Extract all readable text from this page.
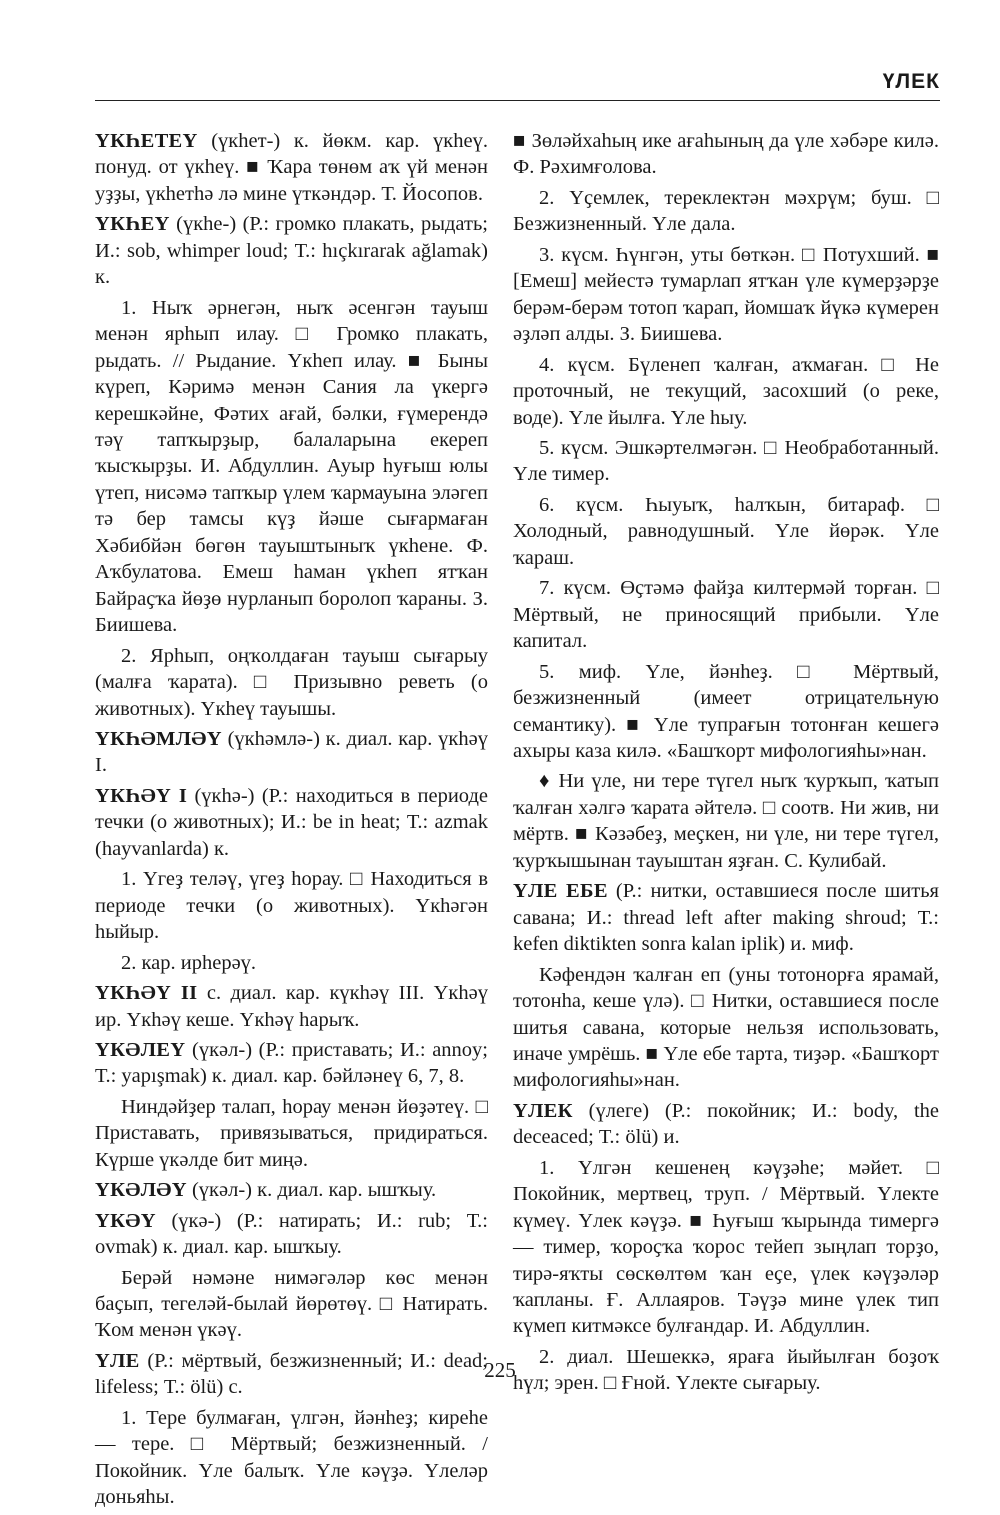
ҮЛЕК

ҮКҺЕТЕҮ (үкһет-) к. йөкм. кар. үкһеү. понуд. от үкһеү. ■ Ҡара төнөм аҡ үй менән уҙҙы, үкһетһә лә мине үткәндәр. Т. Йосопов.

ҮКҺЕҮ (үкһе-) (Р.: громко плакать, рыдать; И.: sob, whimper loud; Т.: hıçkırarak ağlamak) к.

1. Ныҡ әрнегән, ныҡ әсенгән тауыш менән ярһып илау. □ Громко плакать, рыдать. // Рыдание. Үкһеп илау. ■ Быны күреп, Кәримә менән Сания ла үкергә керешкәйне, Фәтих ағай, бәлки, ғүмерендә тәү тапҡырҙыр, балаларына екереп ҡысҡырҙы. И. Абдуллин. Ауыр һуғыш юлы үтеп, нисәмә тапҡыр үлем ҡармауына эләгеп тә бер тамсы күҙ йәше сығармаған Хәбибйән бөгөн тауыштыныҡ үкһене. Ф. Аҡбулатова. Емеш һаман үкһеп ятҡан Байраҫҡа йөҙө нурланып боролоп ҡараны. З. Биишева.

2. Ярһып, оңҡолдаған тауыш сығарыу (малға ҡарата). □ Призывно реветь (о животных). Үкһеү тауышы.

ҮКҺӘМЛӘҮ (үкһәмлә-) к. диал. кар. үкһәү I.

ҮКҺӘҮ I (үкһә-) (Р.: находиться в периоде течки (о животных); И.: be in heat; Т.: azmak (hayvanlarda) к.

1. Үгеҙ теләү, үгеҙ һорау. □ Находиться в периоде течки (о животных). Үкһәгән һыйыр.

2. кар. ирһерәү.

ҮКҺӘҮ II с. диал. кар. күкһәү III. Үкһәү ир. Үкһәү кеше. Үкһәү һарыҡ.

ҮКӘЛЕҮ (үкәл-) (Р.: приставать; И.: annoy; Т.: yapışmak) к. диал. кар. бәйләнеү 6, 7, 8.

Ниндәйҙер талап, һорау менән йөҙәтеү. □ Приставать, привязываться, придираться. Күрше үкәлде бит миңә.

ҮКӘЛӘҮ (үкәл-) к. диал. кар. ышҡыу.

ҮКӘҮ (үкә-) (Р.: натирать; И.: rub; Т.: ovmak) к. диал. кар. ышҡыу.

Берәй нәмәне нимәгәләр көс менән баҫып, тегеләй-былай йөрөтөү. □ Натирать. Ҡом менән үкәү.

ҮЛЕ (Р.: мёртвый, безжизненный; И.: dead; lifeless; Т.: ölü) с.

1. Тере булмаған, үлгән, йәнһеҙ; киреһе — тере. □ Мёртвый; безжизненный. / Покойник. Үле балыҡ. Үле кәүҙә. Үлеләр доньяһы.

■ Зөләйхаһың ике ағаһының да үле хәбәре килә. Ф. Рәхимғолова.

2. Үҫемлек, тереклектән мәхрүм; буш. □ Безжизненный. Үле дала.

3. күсм. Һүнгән, уты бөткән. □ Потухший. ■ [Емеш] мейестә тумарлап ятҡан үле күмерҙәрҙе берәм-берәм тотоп ҡарап, йомшаҡ йүкә күмерен әҙләп алды. З. Биишева.

4. күсм. Бүленеп ҡалған, аҡмаған. □ Не проточный, не текущий, засохший (о реке, воде). Үле йылға. Үле һыу.

5. күсм. Эшкәртелмәгән. □ Необработанный. Үле тимер.

6. күсм. Һыуыҡ, һалҡын, битараф. □ Холодный, равнодушный. Үле йөрәк. Үле ҡараш.

7. күсм. Өҫтәмә файҙа килтермәй торған. □ Мёртвый, не приносящий прибыли. Үле капитал.

5. миф. Үле, йәнһеҙ. □ Мёртвый, безжизненный (имеет отрицательную семантику). ■ Үле тупрағын тотонған кешегә ахыры каза килә. «Башҡорт мифологияһы»нан.

♦ Ни үле, ни тере түгел ныҡ ҡурҡып, ҡатып ҡалған хәлгә ҡарата әйтелә. □ соотв. Ни жив, ни мёртв. ■ Кәзәбеҙ, меҫкен, ни үле, ни тере түгел, ҡурҡышынан тауыштан яҙған. С. Кулибай.

ҮЛЕ ЕБЕ (Р.: нитки, оставшиеся после шитья савана; И.: thread left after making shroud; Т.: kefen diktikten sonra kalan iplik) и. миф.

Кәфендән ҡалған еп (уны тотонорға ярамай, тотонһа, кеше үлә). □ Нитки, оставшиеся после шитья савана, которые нельзя использовать, иначе умрёшь. ■ Үле ебе тарта, тиҙәр. «Башҡорт мифологияһы»нан.

ҮЛЕК (үлеге) (Р.: покойник; И.: body, the deceaced; Т.: ölü) и.

1. Үлгән кешенең кәүҙәһе; мәйет. □ Покойник, мертвец, труп. / Мёртвый. Үлекте күмеү. Үлек кәүҙә. ■ Һуғыш ҡырында тимергә — тимер, ҡороҫҡа ҡорос тейеп зыңлап торҙо, тирә-яҡты сөскөлтөм ҡан еҫе, үлек кәүҙәләр ҡапланы. Ғ. Аллаяров. Тәүҙә мине үлек тип күмеп китмәксе булғандар. И. Абдуллин.

2. диал. Шешеккә, ярағa йыйылған боҙоҡ һүл; эрен. □ Ғной. Үлекте сығарыу.

225
